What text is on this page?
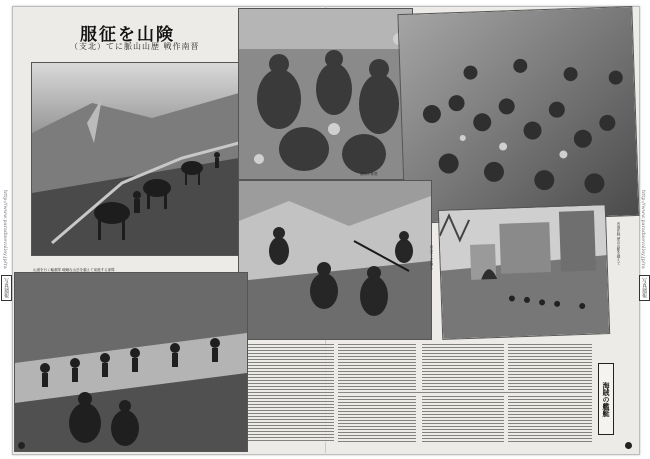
http://www.paradisevalley.jp/ra
写真週報
http://www.paradisevalley.jp/ra
写真週報
服征を山険
（支北）てに脈山山歴 戦作南晋
山道を行く輜重隊 峻嶮な山岳を越えて前進する部隊
険路の休憩
岩山をよぢ登る	晋南作戦 歴山山脈を越えて
海賊の艦艇
